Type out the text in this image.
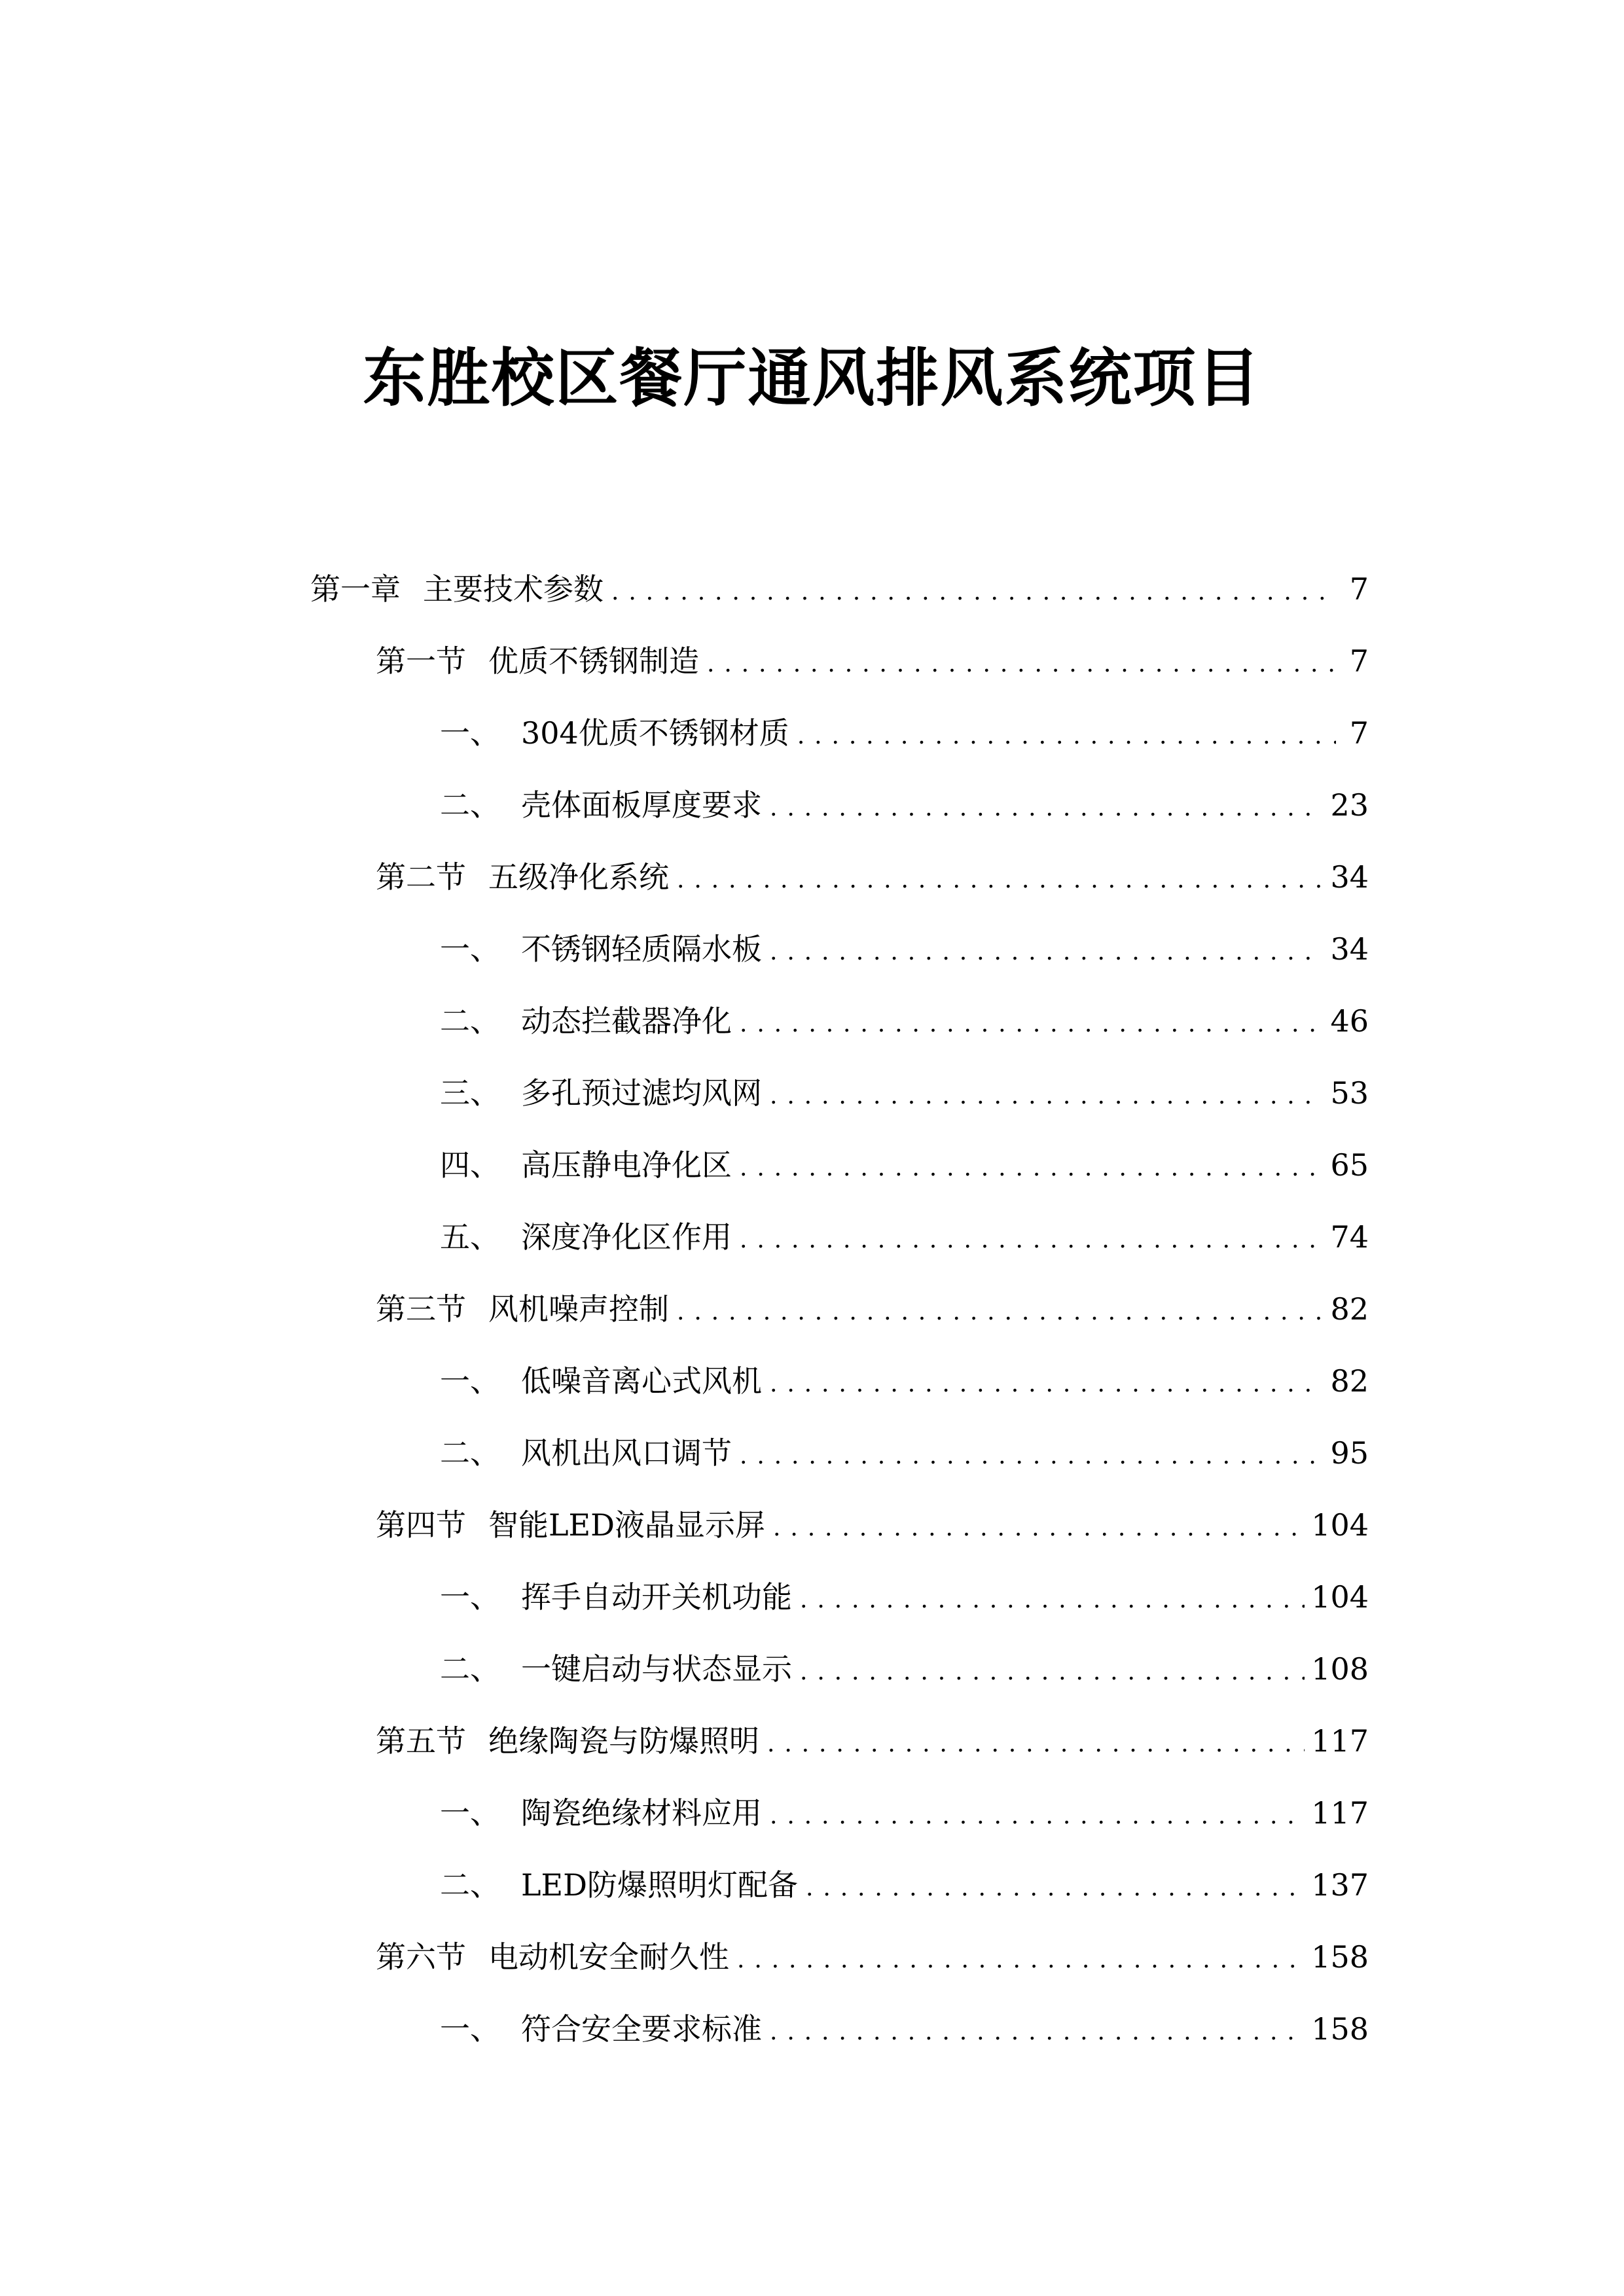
东胜校区餐厅通风排风系统项目
第一章 主要技术参数 .....	7
第一节 优质不锈钢制造 .....	7
一、 304优质不锈钢材质 .....	7
二、 壳体面板厚度要求 .....	23
第二节 五级净化系统 .....	34
一、 不锈钢轻质隔水板 .....	34
二、 动态拦截器净化 .....	46
三、 多孔预过滤均风网 .....	53
四、 高压静电净化区 .....	65
五、 深度净化区作用 .....	74
第三节 风机噪声控制 .....	82
一、 低噪音离心式风机 .....	82
二、 风机出风口调节 .....	95
第四节 智能LED液晶显示屏 .....	104
一、 挥手自动开关机功能 .....	104
二、 一键启动与状态显示 .....	108
第五节 绝缘陶瓷与防爆照明 .....	117
一、 陶瓷绝缘材料应用 .....	117
二、 LED防爆照明灯配备 .....	137
第六节 电动机安全耐久性 .....	158
一、 符合安全要求标准 .....	158
